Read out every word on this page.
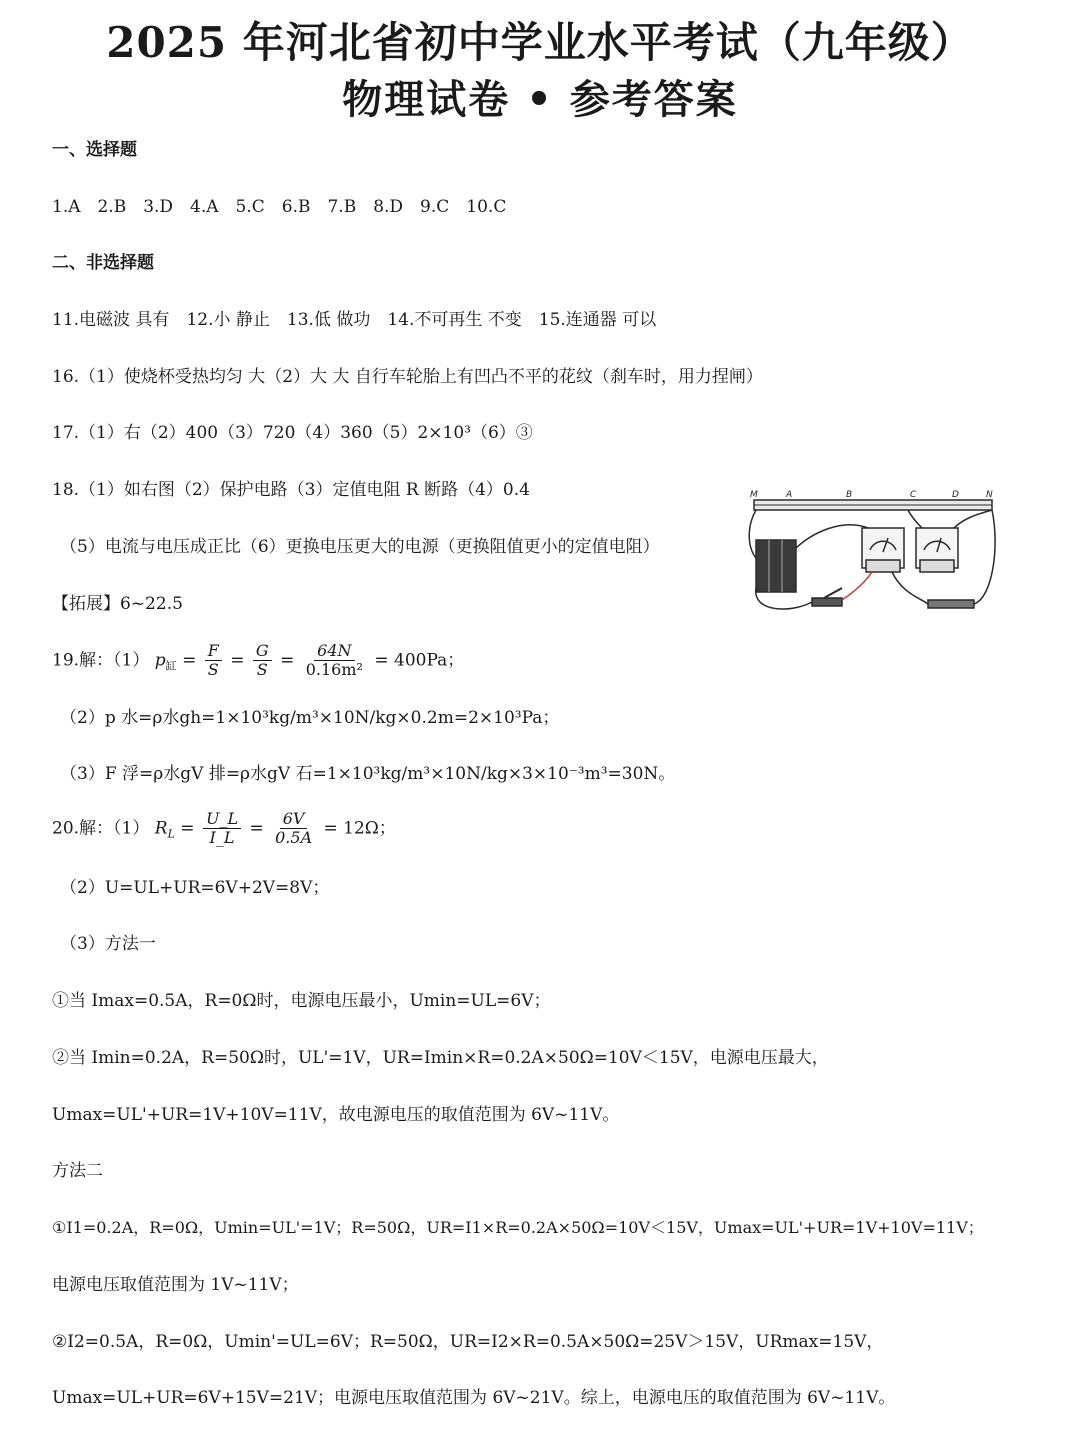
2025 年河北省初中学业水平考试（九年级）
物理试卷 • 参考答案
一、选择题
1.A　2.B　3.D　4.A　5.C　6.B　7.B　8.D　9.C　10.C
二、非选择题
11.电磁波 具有　12.小 静止　13.低 做功　14.不可再生 不变　15.连通器 可以
16.（1）使烧杯受热均匀 大（2）大 大 自行车轮胎上有凹凸不平的花纹（刹车时，用力捏闸）
17.（1）右（2）400（3）720（4）360（5）2×10³（6）③
18.（1）如右图（2）保护电路（3）定值电阻 R 断路（4）0.4
（5）电流与电压成正比（6）更换电压更大的电源（更换阻值更小的定值电阻）
【拓展】6~22.5
M	A	B	C	D	N
19.解：（1） $p_缸 = \frac{F}{S} = \frac{G}{S} = \frac{64N}{\text{0.16m²}} = 400Pa$；
（2）p 水=ρ水gh=1×10³kg/m³×10N/kg×0.2m=2×10³Pa；
（3）F 浮=ρ水gV 排=ρ水gV 石=1×10³kg/m³×10N/kg×3×10⁻³m³=30N。
20.解：（1） $R_L = \frac{U\_L}{I\_L} = \frac{6V}{0.5A} = 12\Omega$；
（2）U=UL+UR=6V+2V=8V；
（3）方法一
①当 Imax=0.5A，R=0Ω时，电源电压最小，Umin=UL=6V；
②当 Imin=0.2A，R=50Ω时，UL'=1V，UR=Imin×R=0.2A×50Ω=10V＜15V，电源电压最大，
Umax=UL'+UR=1V+10V=11V，故电源电压的取值范围为 6V~11V。
方法二
①I1=0.2A，R=0Ω，Umin=UL'=1V；R=50Ω，UR=I1×R=0.2A×50Ω=10V＜15V，Umax=UL'+UR=1V+10V=11V；
电源电压取值范围为 1V~11V；
②I2=0.5A，R=0Ω，Umin'=UL=6V；R=50Ω，UR=I2×R=0.5A×50Ω=25V＞15V，URmax=15V，
Umax=UL+UR=6V+15V=21V；电源电压取值范围为 6V~21V。综上，电源电压的取值范围为 6V~11V。
